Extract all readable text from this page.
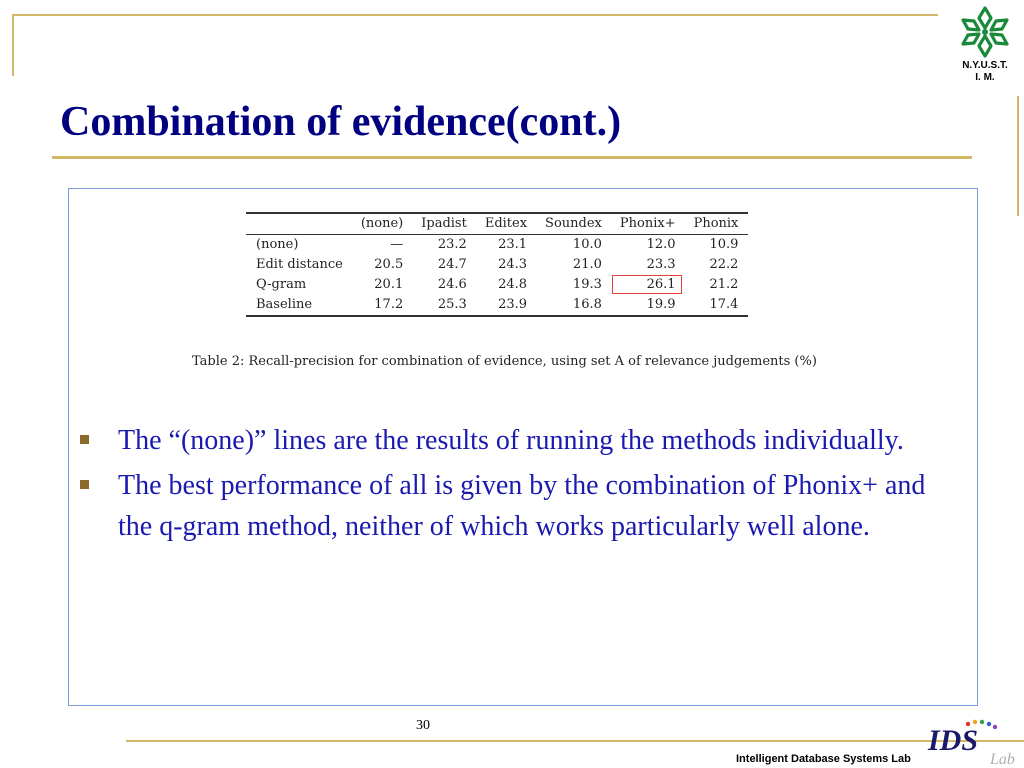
N.Y.U.S.T.
I. M.
Combination of evidence(cont.)
	(none)	Ipadist	Editex	Soundex	Phonix+	Phonix
(none)	—	23.2	23.1	10.0	12.0	10.9
Edit distance	20.5	24.7	24.3	21.0	23.3	22.2
Q-gram	20.1	24.6	24.8	19.3	26.1	21.2
Baseline	17.2	25.3	23.9	16.8	19.9	17.4
Table 2: Recall-precision for combination of evidence, using set A of relevance judgements (%)
The “(none)” lines are the results of running the methods individually.
The best performance of all is given by the combination of Phonix+ and the q-gram method, neither of which works particularly well alone.
30	IDS
Lab
Intelligent Database Systems Lab
